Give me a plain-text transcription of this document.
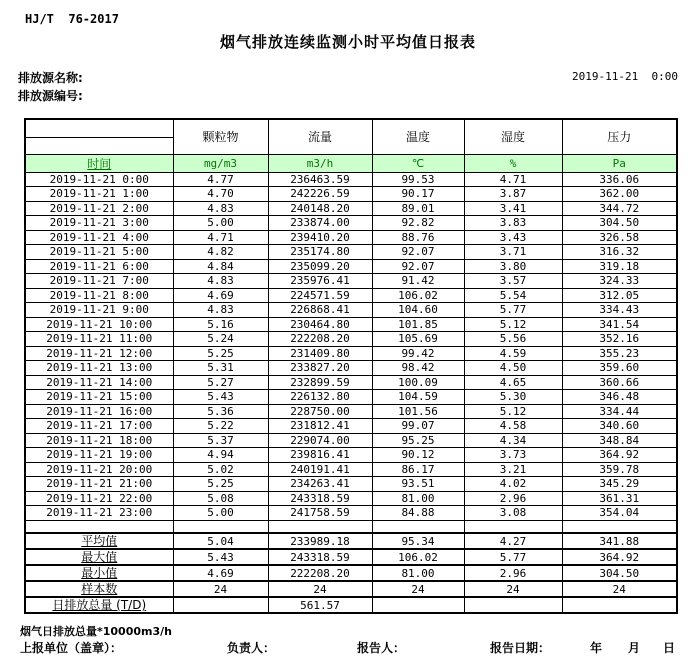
HJ/T  76-2017
烟气排放连续监测小时平均值日报表
排放源名称:
排放源编号:
2019-11-21  0:00
	颗粒物	流量	温度	湿度	压力

时间	mg/m3	m3/h	℃	%	Pa
2019-11-21 0:00	4.77	236463.59	99.53	4.71	336.06
2019-11-21 1:00	4.70	242226.59	90.17	3.87	362.00
2019-11-21 2:00	4.83	240148.20	89.01	3.41	344.72
2019-11-21 3:00	5.00	233874.00	92.82	3.83	304.50
2019-11-21 4:00	4.71	239410.20	88.76	3.43	326.58
2019-11-21 5:00	4.82	235174.80	92.07	3.71	316.32
2019-11-21 6:00	4.84	235099.20	92.07	3.80	319.18
2019-11-21 7:00	4.83	235976.41	91.42	3.57	324.33
2019-11-21 8:00	4.69	224571.59	106.02	5.54	312.05
2019-11-21 9:00	4.83	226868.41	104.60	5.77	334.43
2019-11-21 10:00	5.16	230464.80	101.85	5.12	341.54
2019-11-21 11:00	5.24	222208.20	105.69	5.56	352.16
2019-11-21 12:00	5.25	231409.80	99.42	4.59	355.23
2019-11-21 13:00	5.31	233827.20	98.42	4.50	359.60
2019-11-21 14:00	5.27	232899.59	100.09	4.65	360.66
2019-11-21 15:00	5.43	226132.80	104.59	5.30	346.48
2019-11-21 16:00	5.36	228750.00	101.56	5.12	334.44
2019-11-21 17:00	5.22	231812.41	99.07	4.58	340.60
2019-11-21 18:00	5.37	229074.00	95.25	4.34	348.84
2019-11-21 19:00	4.94	239816.41	90.12	3.73	364.92
2019-11-21 20:00	5.02	240191.41	86.17	3.21	359.78
2019-11-21 21:00	5.25	234263.41	93.51	4.02	345.29
2019-11-21 22:00	5.08	243318.59	81.00	2.96	361.31
2019-11-21 23:00	5.00	241758.59	84.88	3.08	354.04

平均值	5.04	233989.18	95.34	4.27	341.88
最大值	5.43	243318.59	106.02	5.77	364.92
最小值	4.69	222208.20	81.00	2.96	304.50
样本数	24	24	24	24	24
日排放总量 (T/D)		561.57			
烟气日排放总量*10000m3/h
上报单位（盖章）：	负责人：	报告人：	报告日期：	年 月 日
